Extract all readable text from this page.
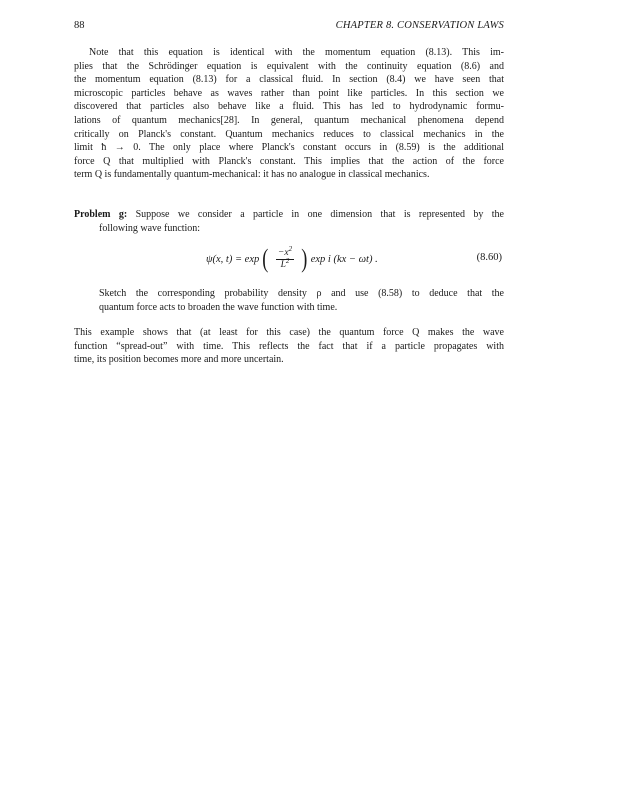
88	CHAPTER 8. CONSERVATION LAWS
Note that this equation is identical with the momentum equation (8.13). This im-
plies that the Schrödinger equation is equivalent with the continuity equation (8.6) and
the momentum equation (8.13) for a classical fluid. In section (8.4) we have seen that
microscopic particles behave as waves rather than point like particles. In this section we
discovered that particles also behave like a fluid. This has led to hydrodynamic formu-
lations of quantum mechanics[28]. In general, quantum mechanical phenomena depend
critically on Planck's constant. Quantum mechanics reduces to classical mechanics in the
limit ħ → 0. The only place where Planck's constant occurs in (8.59) is the additional
force Q that multiplied with Planck's constant. This implies that the action of the force
term Q is fundamentally quantum-mechanical: it has no analogue in classical mechanics.
Problem g: Suppose we consider a particle in one dimension that is represented by the
following wave function:
ψ(x, t) = exp ( $\frac{-x^2}{L^2}$ ) exp i (kx − ωt) .	(8.60)
Sketch the corresponding probability density ρ and use (8.58) to deduce that the
quantum force acts to broaden the wave function with time.
This example shows that (at least for this case) the quantum force Q makes the wave
function “spread-out” with time. This reflects the fact that if a particle propagates with
time, its position becomes more and more uncertain.
